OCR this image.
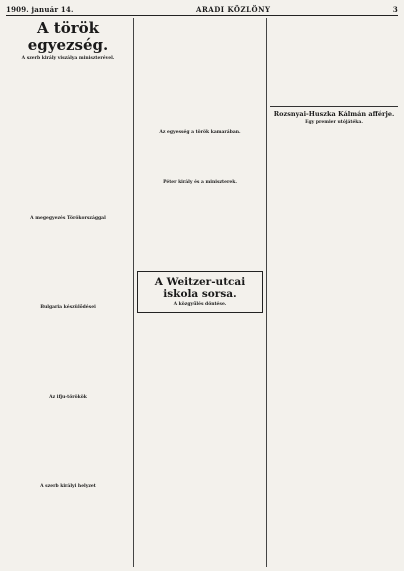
1909. január 14.	ARADI KÖZLÖNY	3
A török egyezség.
A szerb király viszálya miniszterével.
A megegyezés Törökországgal
Bulgaria készülődései
Az ifju-törökök
A szerb királyi helyzet
Az egyesség a török kamarában.
Péter király és a miniszterek.
A Weitzer-utcai iskola sorsa.
A közgyűlés döntése.
Rozsnyai-Huszka Kálmán afférje.
Egy premier utójátéka.
